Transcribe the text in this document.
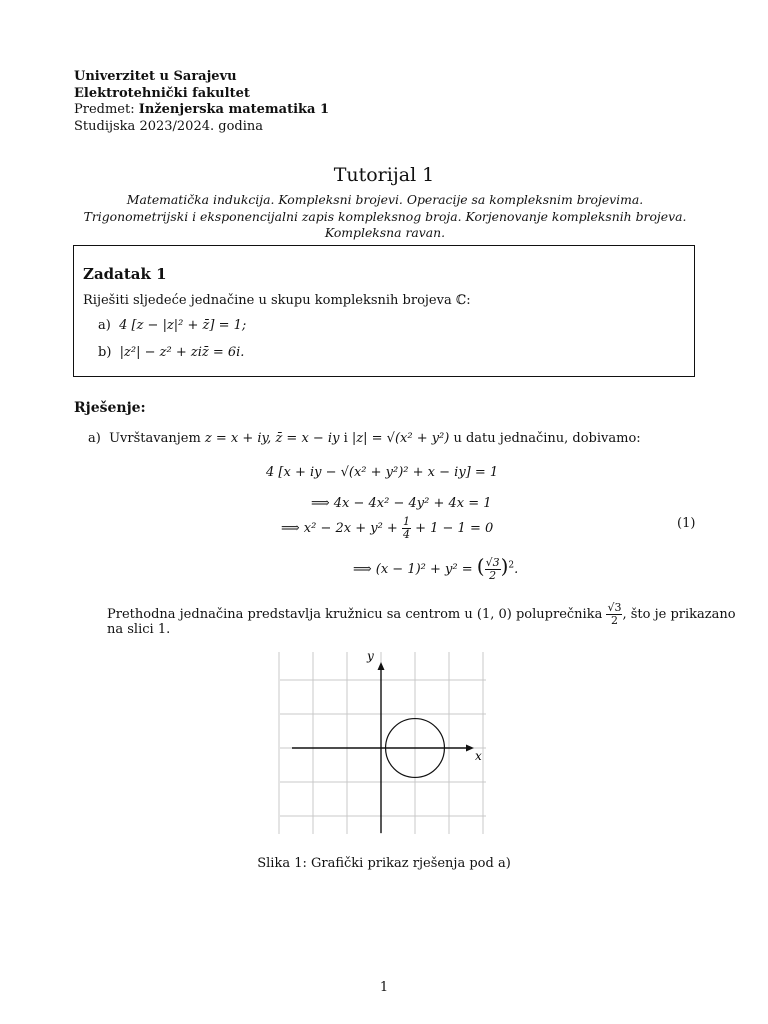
Univerzitet u Sarajevu
Elektrotehnički fakultet
Predmet: Inženjerska matematika 1
Studijska 2023/2024. godina
Tutorijal 1
Matematička indukcija. Kompleksni brojevi. Operacije sa kompleksnim brojevima. Trigonometrijski i eksponencijalni zapis kompleksnog broja. Korjenovanje kompleksnih brojeva. Kompleksna ravan.
Zadatak 1
Riješiti sljedeće jednačine u skupu kompleksnih brojeva ℂ:
a) 4 [z − |z|² + z̄] = 1;
b) |z²| − z² + ziz̄ = 6i.
Rješenje:
a) Uvrštavanjem z = x + iy, z̄ = x − iy i |z| = √(x² + y²) u datu jednačinu, dobivamo:
4 [x + iy − √(x² + y²)² + x − iy] = 1
⟹ 4x − 4x² − 4y² + 4x = 1
⟹ $x^2 - 2x + y^2 + \frac{1}{4} + 1 - 1 = 0$
⟹ (x − 1)² + y² = ( $\frac{√3}{2} )^2$.
(1)
Prethodna jednačina predstavlja kružnicu sa centrom u (1, 0) poluprečnika $\frac{√3}{2}$ , što je prikazano
na slici 1.
x
y
Slika 1: Grafički prikaz rješenja pod a)
1
